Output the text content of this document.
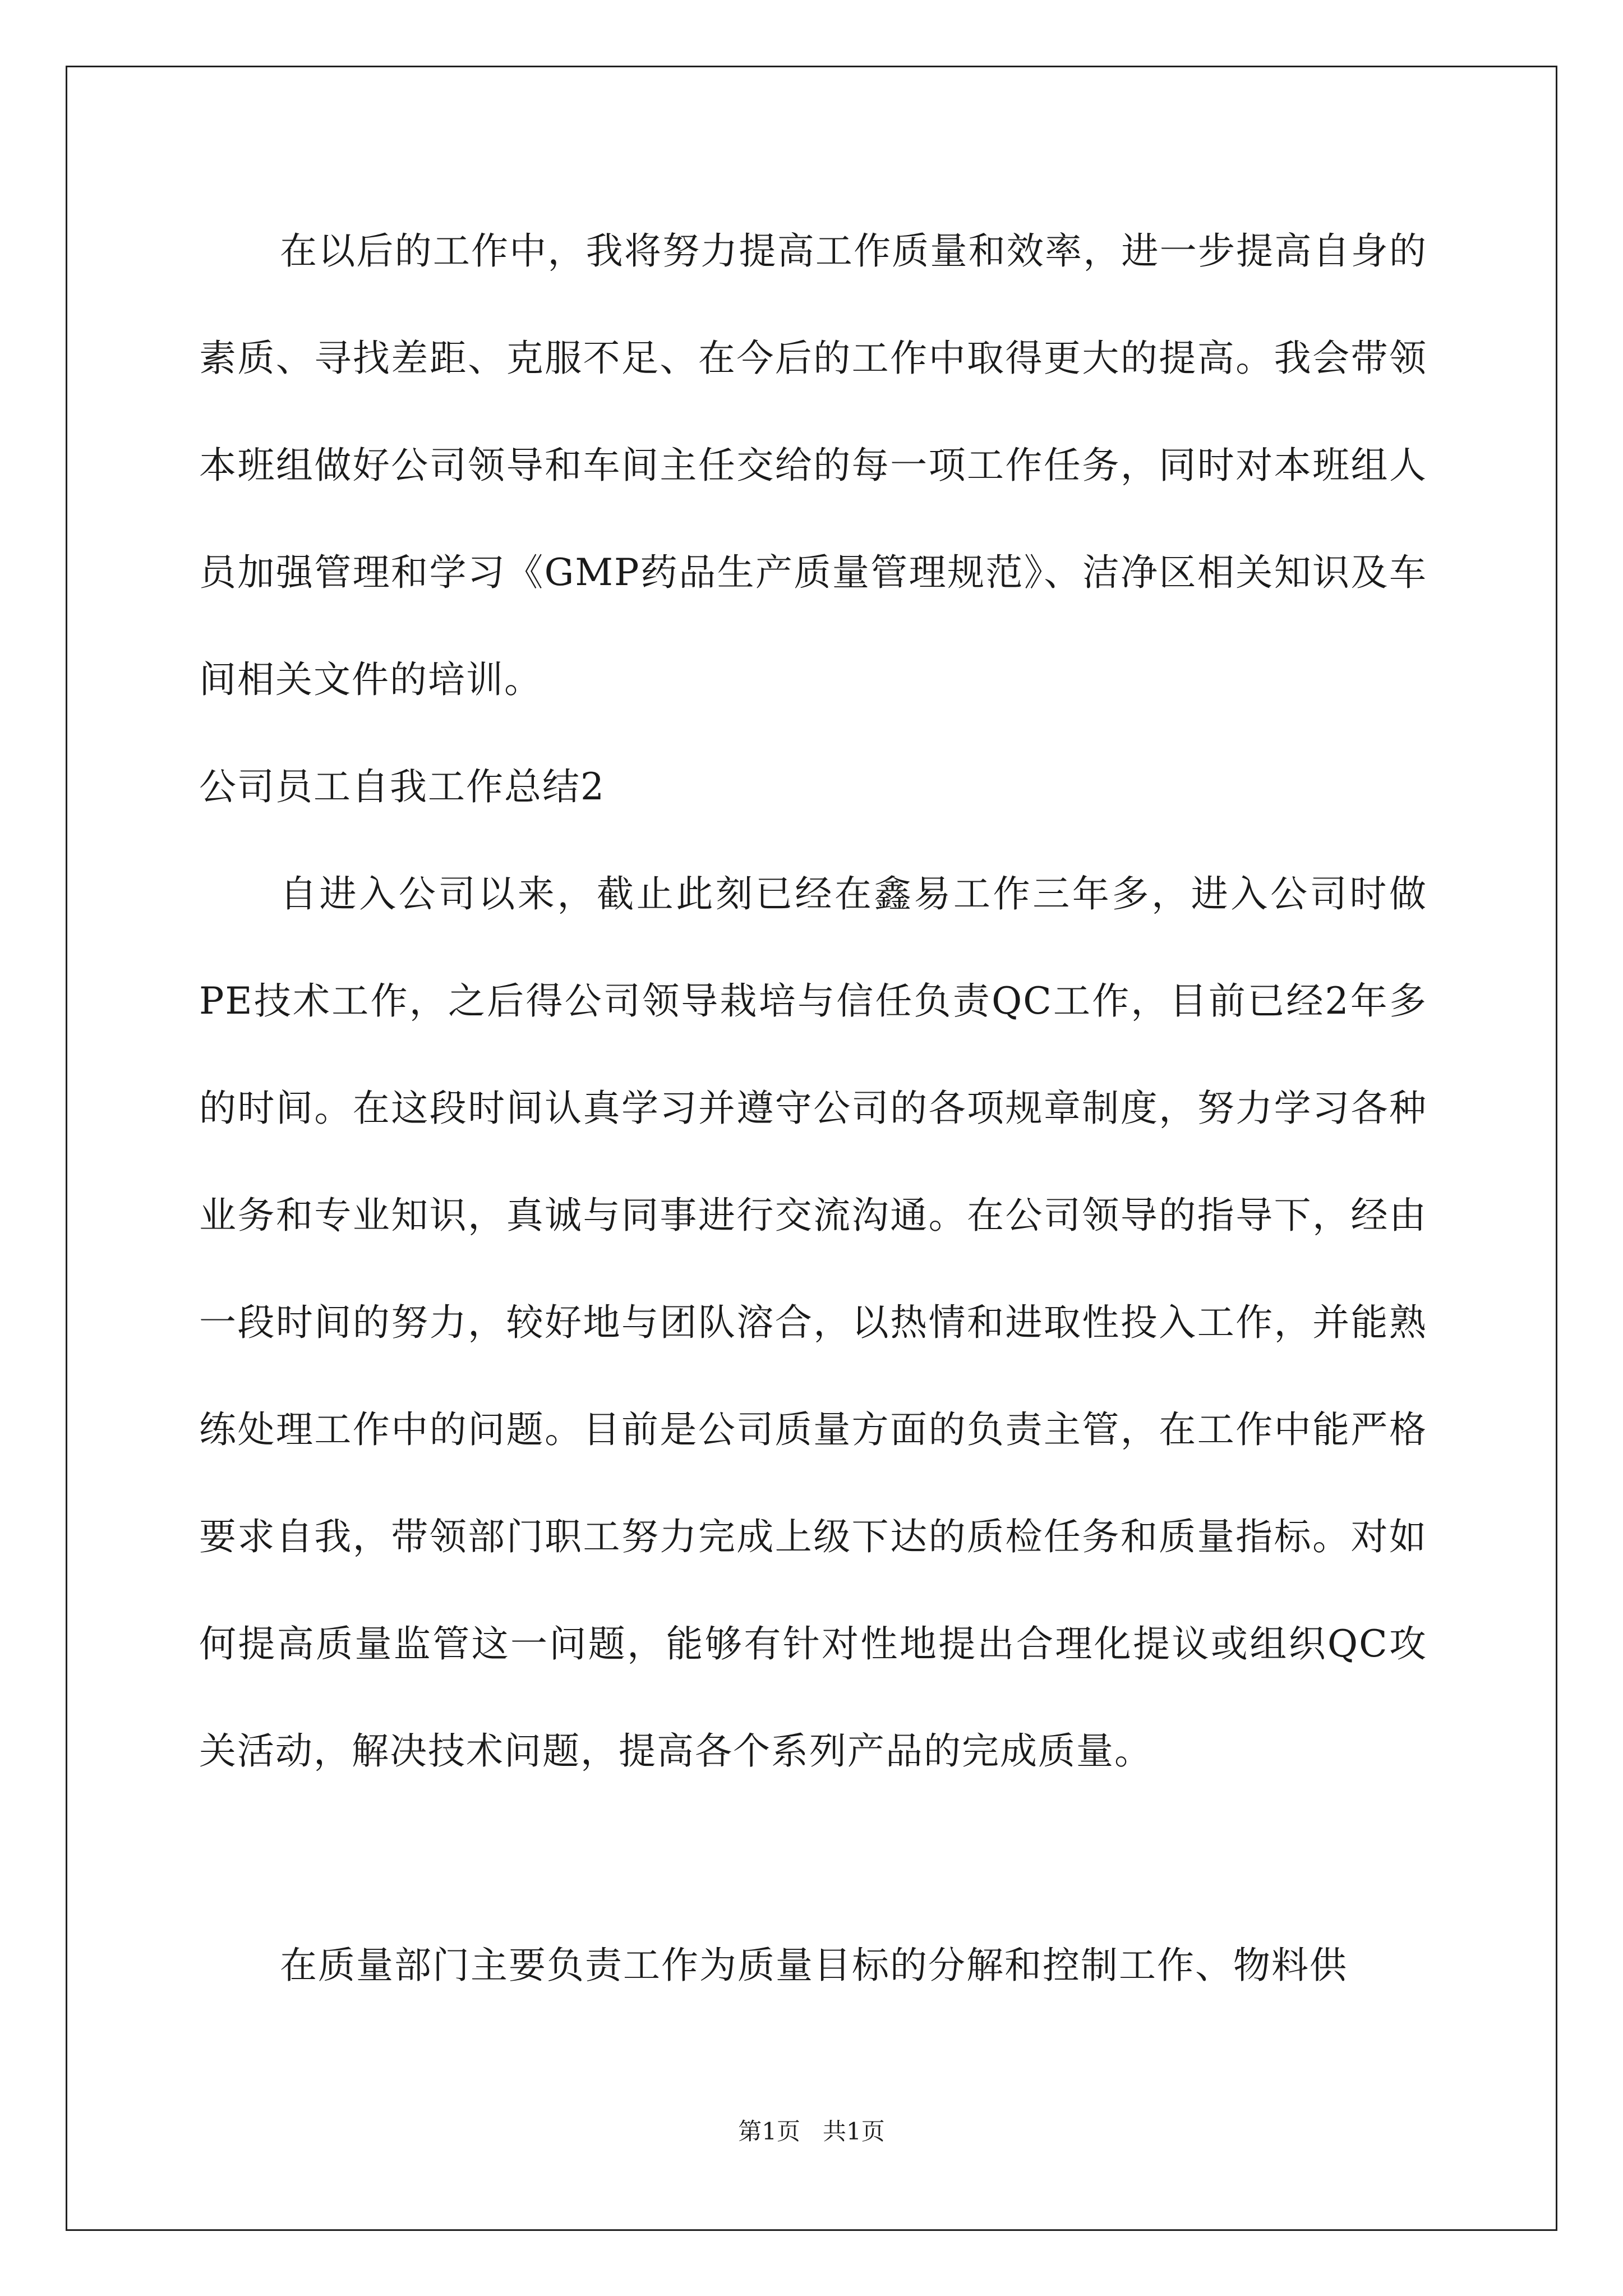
在以后的工作中，我将努力提高工作质量和效率，进一步提高自身的素质、寻找差距、克服不足、在今后的工作中取得更大的提高。我会带领本班组做好公司领导和车间主任交给的每一项工作任务，同时对本班组人员加强管理和学习《GMP药品生产质量管理规范》、洁净区相关知识及车间相关文件的培训。

公司员工自我工作总结2

自进入公司以来，截止此刻已经在鑫易工作三年多，进入公司时做PE技术工作，之后得公司领导栽培与信任负责QC工作，目前已经2年多的时间。在这段时间认真学习并遵守公司的各项规章制度，努力学习各种业务和专业知识，真诚与同事进行交流沟通。在公司领导的指导下，经由一段时间的努力，较好地与团队溶合，以热情和进取性投入工作，并能熟练处理工作中的问题。目前是公司质量方面的负责主管，在工作中能严格要求自我，带领部门职工努力完成上级下达的质检任务和质量指标。对如何提高质量监管这一问题，能够有针对性地提出合理化提议或组织QC攻关活动，解决技术问题，提高各个系列产品的完成质量。

在质量部门主要负责工作为质量目标的分解和控制工作、物料供

第1页 共1页
